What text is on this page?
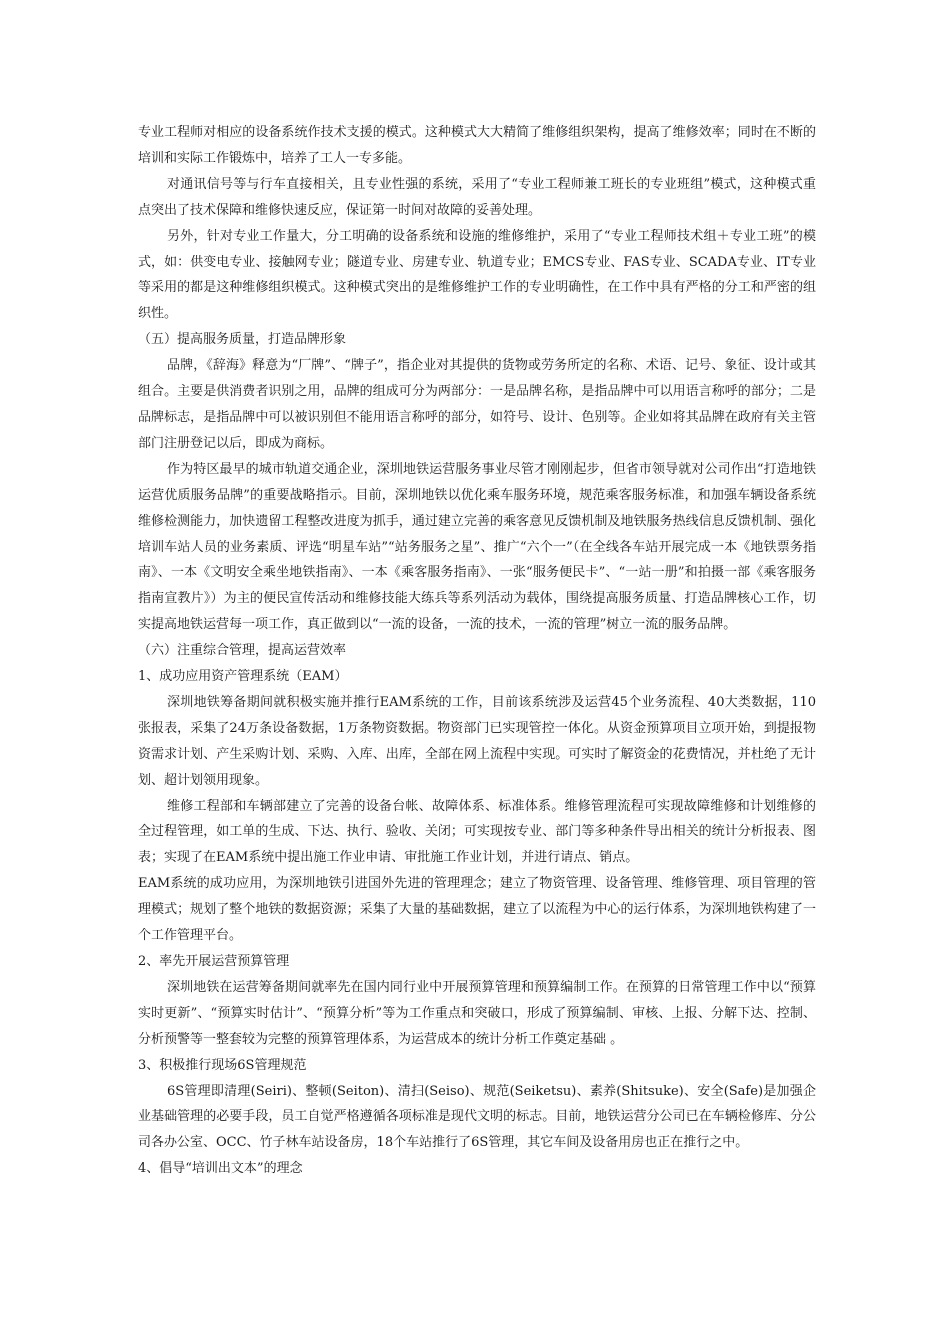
专业工程师对相应的设备系统作技术支援的模式。这种模式大大精简了维修组织架构，提高了维修效率；同时在不断的培训和实际工作锻炼中，培养了工人一专多能。

对通讯信号等与行车直接相关，且专业性强的系统，采用了“专业工程师兼工班长的专业班组”模式，这种模式重点突出了技术保障和维修快速反应，保证第一时间对故障的妥善处理。

另外，针对专业工作量大，分工明确的设备系统和设施的维修维护，采用了“专业工程师技术组＋专业工班”的模式，如：供变电专业、接触网专业；隧道专业、房建专业、轨道专业；EMCS专业、FAS专业、SCADA专业、IT专业等采用的都是这种维修组织模式。这种模式突出的是维修维护工作的专业明确性，在工作中具有严格的分工和严密的组织性。

（五）提高服务质量，打造品牌形象

品牌，《辞海》释意为“厂牌”、“牌子”，指企业对其提供的货物或劳务所定的名称、术语、记号、象征、设计或其组合。主要是供消费者识别之用，品牌的组成可分为两部分：一是品牌名称，是指品牌中可以用语言称呼的部分；二是品牌标志，是指品牌中可以被识别但不能用语言称呼的部分，如符号、设计、色别等。企业如将其品牌在政府有关主管部门注册登记以后，即成为商标。

作为特区最早的城市轨道交通企业，深圳地铁运营服务事业尽管才刚刚起步，但省市领导就对公司作出“打造地铁运营优质服务品牌”的重要战略指示。目前，深圳地铁以优化乘车服务环境，规范乘客服务标准，和加强车辆设备系统维修检测能力，加快遗留工程整改进度为抓手，通过建立完善的乘客意见反馈机制及地铁服务热线信息反馈机制、强化培训车站人员的业务素质、评选“明星车站”“站务服务之星”、推广“六个一”（在全线各车站开展完成一本《地铁票务指南》、一本《文明安全乘坐地铁指南》、一本《乘客服务指南》、一张“服务便民卡”、“一站一册”和拍摄一部《乘客服务指南宣教片》）为主的便民宣传活动和维修技能大练兵等系列活动为载体，围绕提高服务质量、打造品牌核心工作，切实提高地铁运营每一项工作，真正做到以“一流的设备，一流的技术，一流的管理”树立一流的服务品牌。

（六）注重综合管理，提高运营效率

1、成功应用资产管理系统（EAM）

深圳地铁筹备期间就积极实施并推行EAM系统的工作，目前该系统涉及运营45个业务流程、40大类数据，110张报表，采集了24万条设备数据，1万条物资数据。物资部门已实现管控一体化。从资金预算项目立项开始，到提报物资需求计划、产生采购计划、采购、入库、出库，全部在网上流程中实现。可实时了解资金的花费情况，并杜绝了无计划、超计划领用现象。

维修工程部和车辆部建立了完善的设备台帐、故障体系、标准体系。维修管理流程可实现故障维修和计划维修的全过程管理，如工单的生成、下达、执行、验收、关闭；可实现按专业、部门等多种条件导出相关的统计分析报表、图表；实现了在EAM系统中提出施工作业申请、审批施工作业计划，并进行请点、销点。

EAM系统的成功应用，为深圳地铁引进国外先进的管理理念；建立了物资管理、设备管理、维修管理、项目管理的管理模式；规划了整个地铁的数据资源；采集了大量的基础数据，建立了以流程为中心的运行体系，为深圳地铁构建了一个工作管理平台。

2、率先开展运营预算管理

深圳地铁在运营筹备期间就率先在国内同行业中开展预算管理和预算编制工作。在预算的日常管理工作中以“预算实时更新”、“预算实时估计”、“预算分析”等为工作重点和突破口，形成了预算编制、审核、上报、分解下达、控制、分析预警等一整套较为完整的预算管理体系，为运营成本的统计分析工作奠定基础 。

3、积极推行现场6S管理规范

6S管理即清理(Seiri)、整顿(Seiton)、清扫(Seiso)、规范(Seiketsu)、素养(Shitsuke)、安全(Safe)是加强企业基础管理的必要手段，员工自觉严格遵循各项标准是现代文明的标志。目前，地铁运营分公司已在车辆检修库、分公司各办公室、OCC、竹子林车站设备房，18个车站推行了6S管理，其它车间及设备用房也正在推行之中。

4、倡导“培训出文本”的理念
